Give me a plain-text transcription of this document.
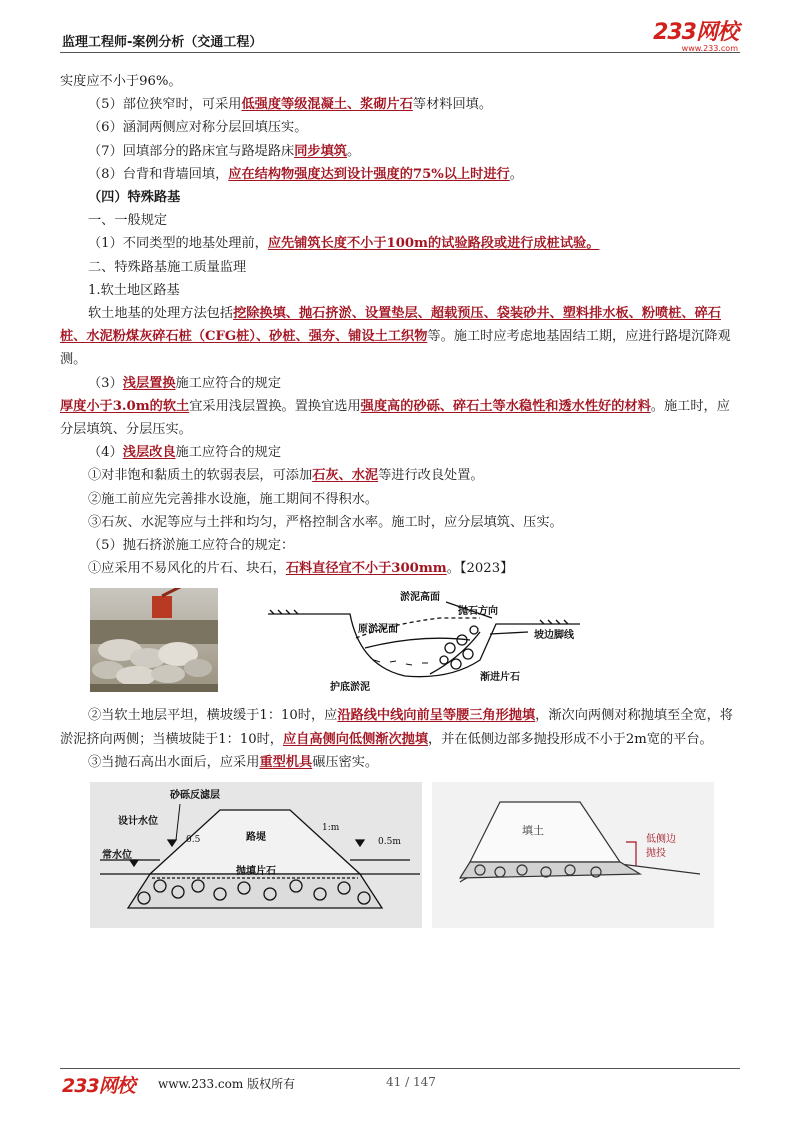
监理工程师-案例分析（交通工程）	233网校
www.233.com

实度应不小于96%。

（5）部位狭窄时，可采用低强度等级混凝土、浆砌片石等材料回填。

（6）涵洞两侧应对称分层回填压实。

（7）回填部分的路床宜与路堤路床同步填筑。

（8）台背和背墙回填，应在结构物强度达到设计强度的75%以上时进行。

（四）特殊路基

一、一般规定

（1）不同类型的地基处理前，应先铺筑长度不小于100m的试验路段或进行成桩试验。

二、特殊路基施工质量监理

1.软土地区路基

软土地基的处理方法包括挖除换填、抛石挤淤、设置垫层、超载预压、袋装砂井、塑料排水板、粉喷桩、碎石桩、水泥粉煤灰碎石桩（CFG桩）、砂桩、强夯、铺设土工织物等。施工时应考虑地基固结工期，应进行路堤沉降观测。

（3）浅层置换施工应符合的规定

厚度小于3.0m的软土宜采用浅层置换。置换宜选用强度高的砂砾、碎石土等水稳性和透水性好的材料。施工时，应分层填筑、分层压实。

（4）浅层改良施工应符合的规定

①对非饱和黏质土的软弱表层，可添加石灰、水泥等进行改良处置。

②施工前应先完善排水设施，施工期间不得积水。

③石灰、水泥等应与土拌和均匀，严格控制含水率。施工时，应分层填筑、压实。

（5）抛石挤淤施工应符合的规定：

①应采用不易风化的片石、块石，石料直径宜不小于300mm。【2023】

淤泥高面
抛石方向
原淤泥面
坡边脚线
护底淤泥
渐进片石

②当软土地层平坦，横坡缓于1：10时，应沿路线中线向前呈等腰三角形抛填，渐次向两侧对称抛填至全宽，将淤泥挤向两侧；当横坡陡于1：10时，应自高侧向低侧渐次抛填，并在低侧边部多抛投形成不小于2m宽的平台。

③当抛石高出水面后，应采用重型机具碾压密实。

砂砾反滤层
设计水位
常水位
路堤
抛填片石
0.5	0.5m
1:m	填土
低侧边
抛投
233网校 www.233.com 版权所有	41 / 147
